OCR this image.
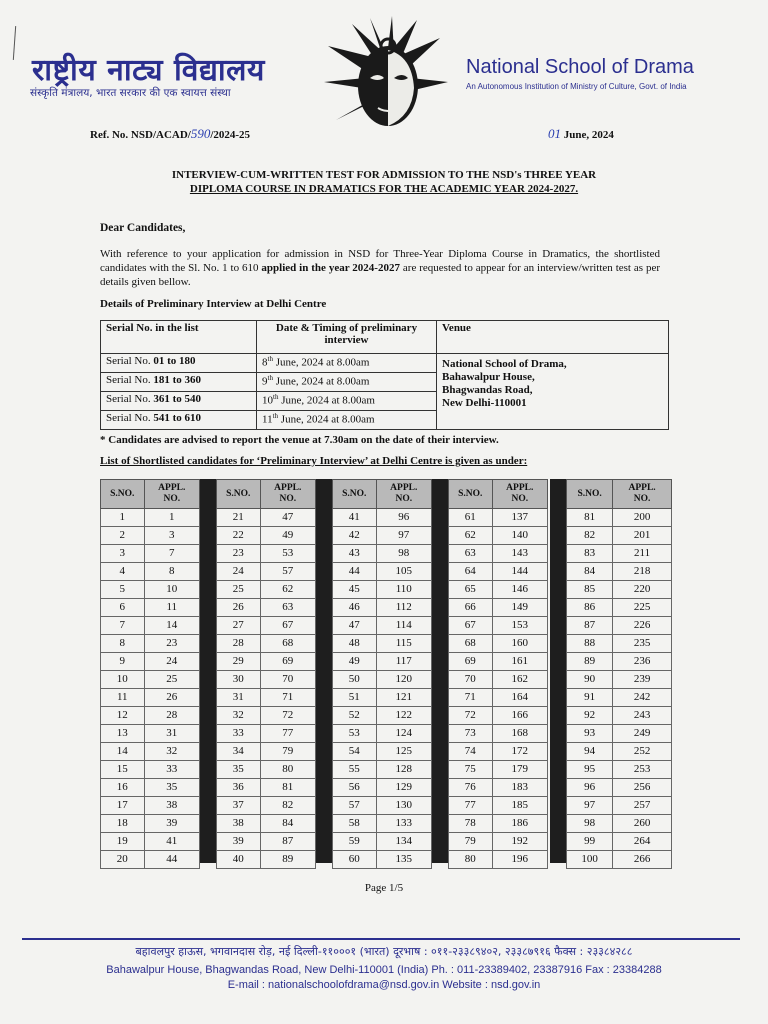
राष्ट्रीय नाट्य विद्यालय
संस्कृति मंत्रालय, भारत सरकार की एक स्वायत्त संस्था
National School of Drama
An Autonomous Institution of Ministry of Culture, Govt. of India
Ref. No. NSD/ACAD/590/2024-25	01 June, 2024
INTERVIEW-CUM-WRITTEN TEST FOR ADMISSION TO THE NSD's THREE YEAR
DIPLOMA COURSE IN DRAMATICS FOR THE ACADEMIC YEAR 2024-2027.
Dear Candidates,
With reference to your application for admission in NSD for Three-Year Diploma Course in Dramatics, the shortlisted candidates with the Sl. No. 1 to 610 applied in the year 2024-2027 are requested to appear for an interview/written test as per details given bellow.
Details of Preliminary Interview at Delhi Centre
Serial No. in the list	Date & Timing of preliminary interview	Venue
Serial No. 01 to 180	8th June, 2024 at 8.00am	National School of Drama,
Bahawalpur House,
Bhagwandas Road,
New Delhi-110001

Serial No. 181 to 360	9th June, 2024 at 8.00am	
Serial No. 361 to 540	10th June, 2024 at 8.00am	
Serial No. 541 to 610	11th June, 2024 at 8.00am	
* Candidates are advised to report the venue at 7.30am on the date of their interview.
List of Shortlisted candidates for ‘Preliminary Interview’ at Delhi Centre is given as under:
S.NO.	APPL.
NO.

1	1
2	3
3	7
4	8
5	10
6	11
7	14
8	23
9	24
10	25
11	26
12	28
13	31
14	32
15	33
16	35
17	38
18	39
19	41
20	44
S.NO.	APPL.
NO.

21	47
22	49
23	53
24	57
25	62
26	63
27	67
28	68
29	69
30	70
31	71
32	72
33	77
34	79
35	80
36	81
37	82
38	84
39	87
40	89
S.NO.	APPL.
NO.

41	96
42	97
43	98
44	105
45	110
46	112
47	114
48	115
49	117
50	120
51	121
52	122
53	124
54	125
55	128
56	129
57	130
58	133
59	134
60	135
S.NO.	APPL.
NO.

61	137
62	140
63	143
64	144
65	146
66	149
67	153
68	160
69	161
70	162
71	164
72	166
73	168
74	172
75	179
76	183
77	185
78	186
79	192
80	196
S.NO.	APPL.
NO.

81	200
82	201
83	211
84	218
85	220
86	225
87	226
88	235
89	236
90	239
91	242
92	243
93	249
94	252
95	253
96	256
97	257
98	260
99	264
100	266
Page 1/5
बहावलपुर हाऊस, भगवानदास रोड़, नई दिल्ली-११०००१ (भारत) दूरभाष : ०११-२३३८९४०२, २३३८७९१६ फैक्स : २३३८४२८८
Bahawalpur House, Bhagwandas Road, New Delhi-110001 (India) Ph. : 011-23389402, 23387916 Fax : 23384288
E-mail : nationalschoolofdrama@nsd.gov.in Website : nsd.gov.in
